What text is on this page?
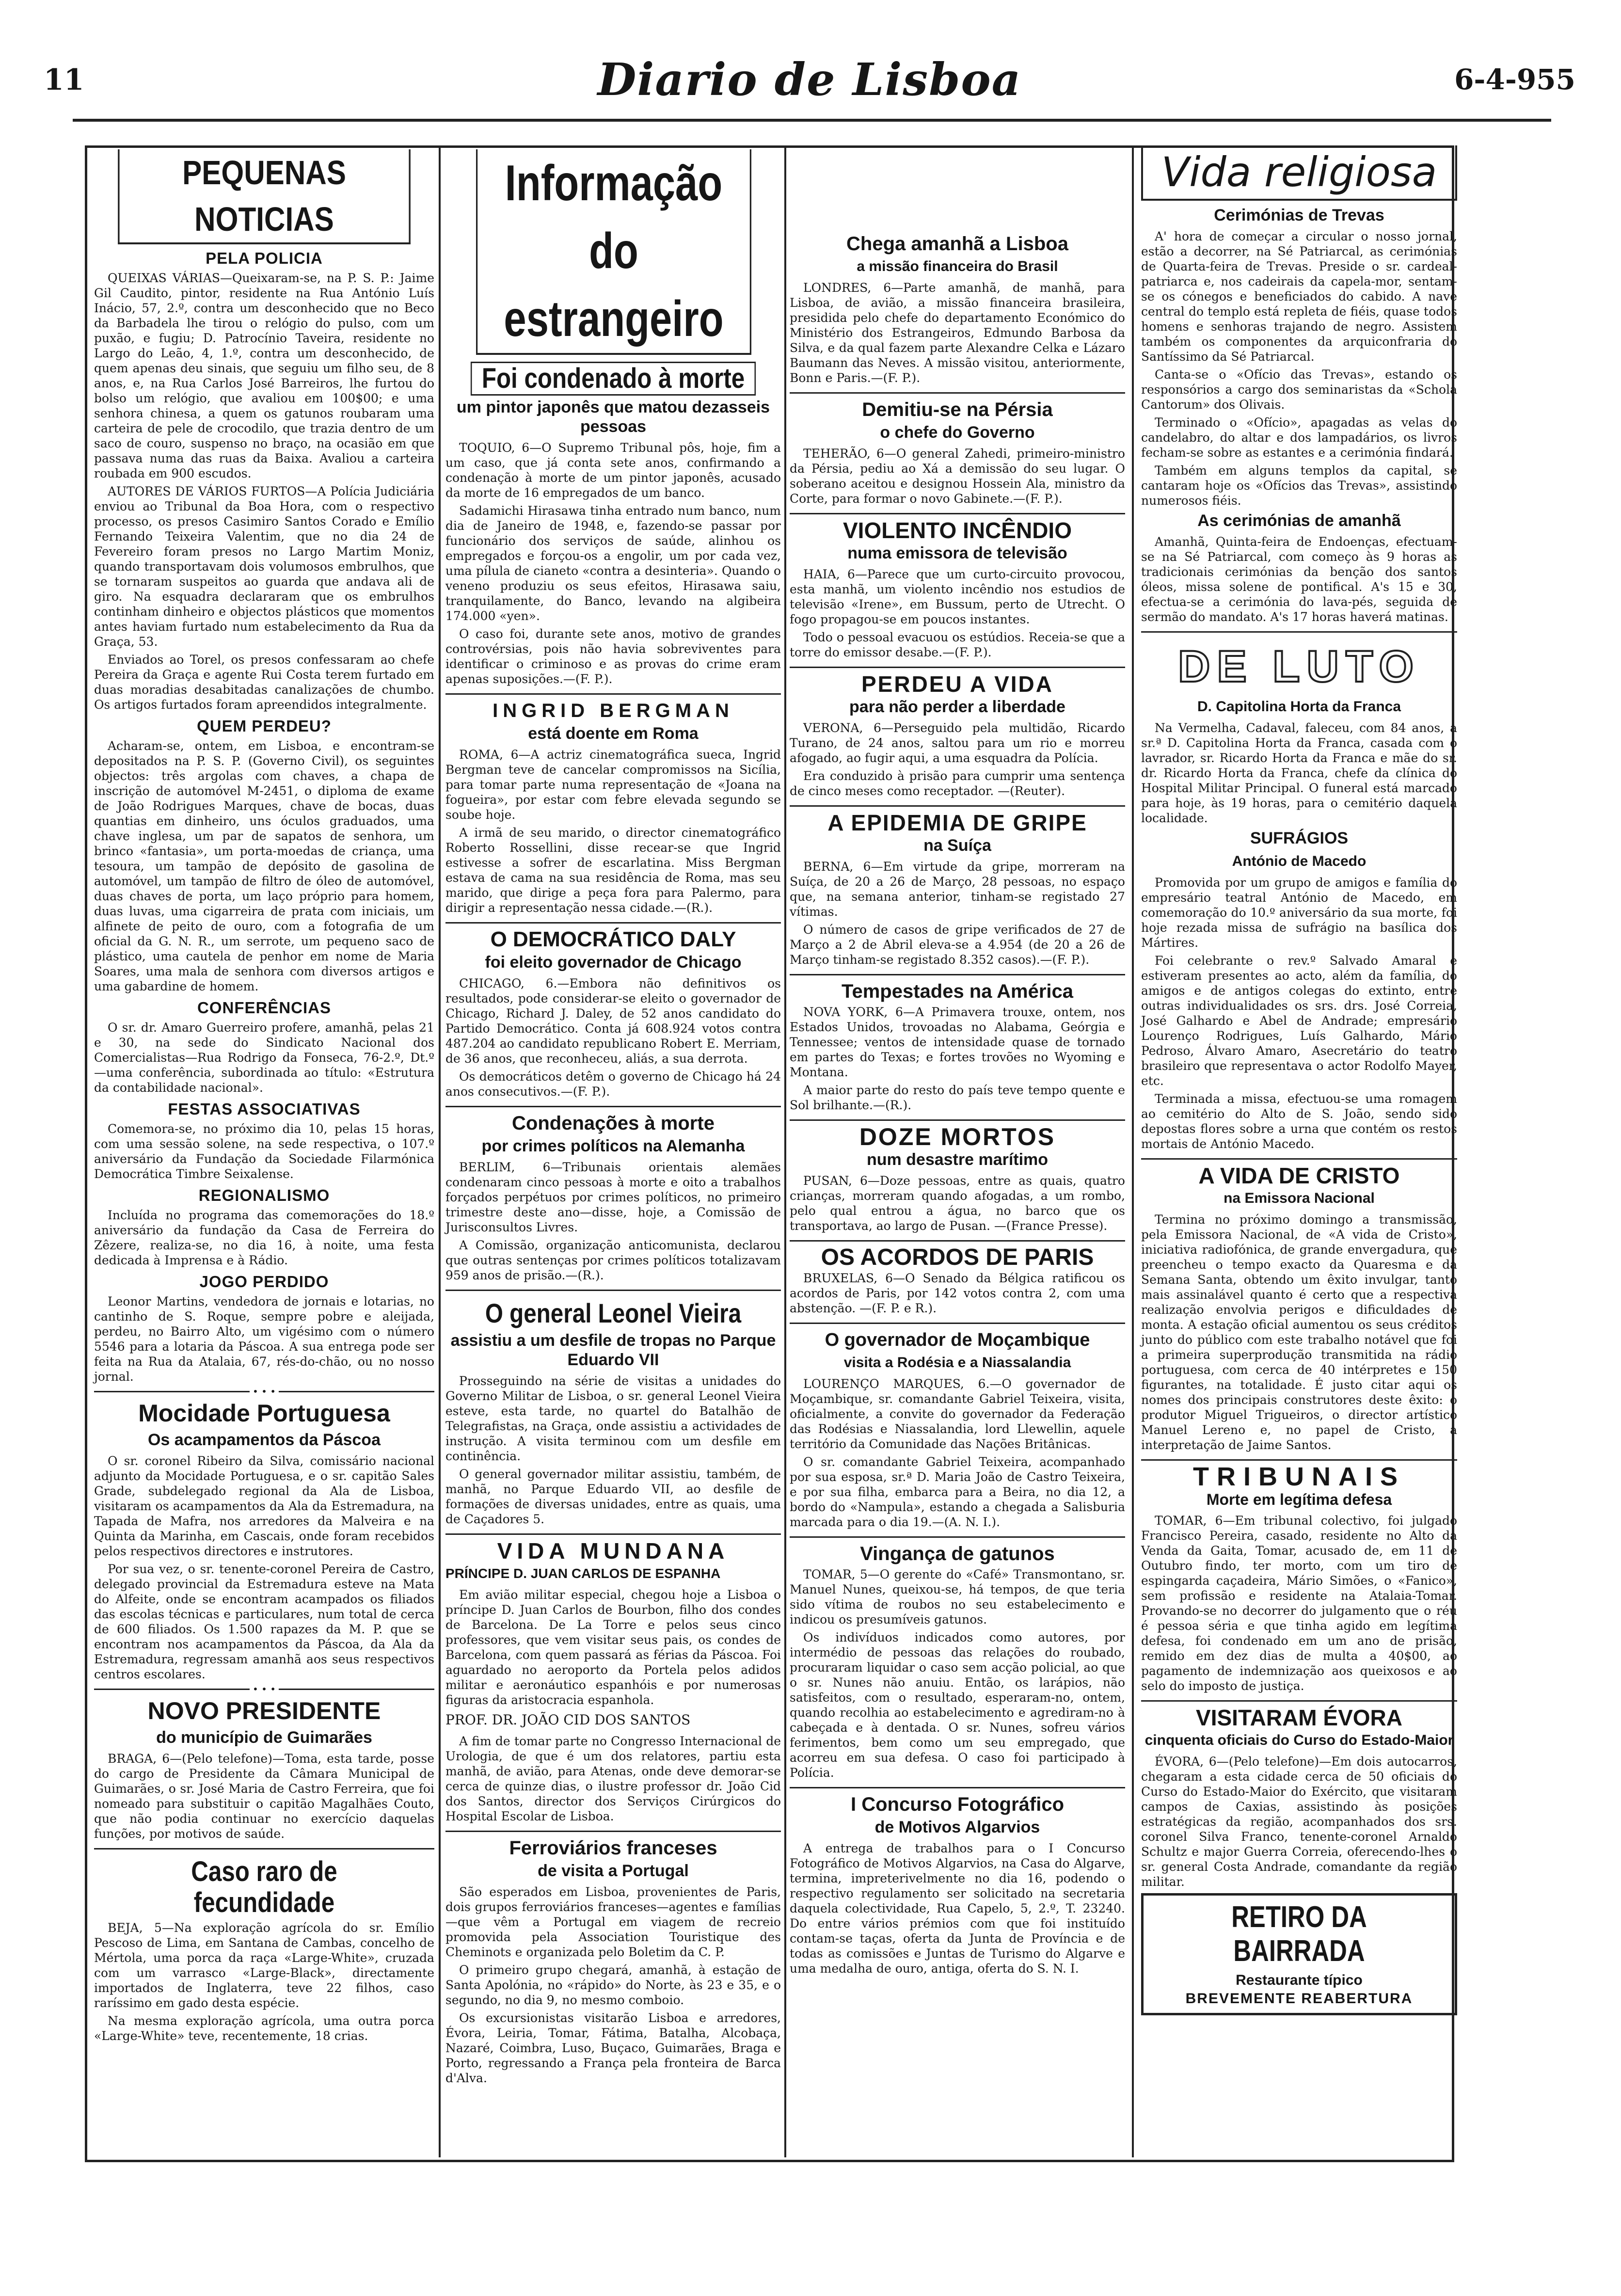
11	Diario de Lisboa	6-4-955
PEQUENAS NOTICIAS
PELA POLICIA

QUEIXAS VÁRIAS—Queixaram-se, na P. S. P.: Jaime Gil Caudito, pintor, residente na Rua António Luís Inácio, 57, 2.º, contra um desconhecido que no Beco da Barbadela lhe tirou o relógio do pulso, com um puxão, e fugiu; D. Patrocínio Taveira, residente no Largo do Leão, 4, 1.º, contra um desconhecido, de quem apenas deu sinais, que seguiu um filho seu, de 8 anos, e, na Rua Carlos José Barreiros, lhe furtou do bolso um relógio, que avaliou em 100$00; e uma senhora chinesa, a quem os gatunos roubaram uma carteira de pele de crocodilo, que trazia dentro de um saco de couro, suspenso no braço, na ocasião em que passava numa das ruas da Baixa. Avaliou a carteira roubada em 900 escudos.

AUTORES DE VÁRIOS FURTOS—A Polícia Judiciária enviou ao Tribunal da Boa Hora, com o respectivo processo, os presos Casimiro Santos Corado e Emílio Fernando Teixeira Valentim, que no dia 24 de Fevereiro foram presos no Largo Martim Moniz, quando transportavam dois volumosos embrulhos, que se tornaram suspeitos ao guarda que andava ali de giro. Na esquadra declararam que os embrulhos continham dinheiro e objectos plásticos que momentos antes haviam furtado num estabelecimento da Rua da Graça, 53.

Enviados ao Torel, os presos confessaram ao chefe Pereira da Graça e agente Rui Costa terem furtado em duas moradias desabitadas canalizações de chumbo. Os artigos furtados foram apreendidos integralmente.

QUEM PERDEU?

Acharam-se, ontem, em Lisboa, e encontram-se depositados na P. S. P. (Governo Civil), os seguintes objectos: três argolas com chaves, a chapa de inscrição de automóvel M-2451, o diploma de exame de João Rodrigues Marques, chave de bocas, duas quantias em dinheiro, uns óculos graduados, uma chave inglesa, um par de sapatos de senhora, um brinco «fantasia», um porta-moedas de criança, uma tesoura, um tampão de depósito de gasolina de automóvel, um tampão de filtro de óleo de automóvel, duas chaves de porta, um laço próprio para homem, duas luvas, uma cigarreira de prata com iniciais, um alfinete de peito de ouro, com a fotografia de um oficial da G. N. R., um serrote, um pequeno saco de plástico, uma cautela de penhor em nome de Maria Soares, uma mala de senhora com diversos artigos e uma gabardine de homem.

CONFERÊNCIAS

O sr. dr. Amaro Guerreiro profere, amanhã, pelas 21 e 30, na sede do Sindicato Nacional dos Comercialistas—Rua Rodrigo da Fonseca, 76-2.º, Dt.º—uma conferência, subordinada ao título: «Estrutura da contabilidade nacional».

FESTAS ASSOCIATIVAS

Comemora-se, no próximo dia 10, pelas 15 horas, com uma sessão solene, na sede respectiva, o 107.º aniversário da Fundação da Sociedade Filarmónica Democrática Timbre Seixalense.

REGIONALISMO

Incluída no programa das comemorações do 18.º aniversário da fundação da Casa de Ferreira do Zêzere, realiza-se, no dia 16, à noite, uma festa dedicada à Imprensa e à Rádio.

JOGO PERDIDO

Leonor Martins, vendedora de jornais e lotarias, no cantinho de S. Roque, sempre pobre e aleijada, perdeu, no Bairro Alto, um vigésimo com o número 5546 para a lotaria da Páscoa. A sua entrega pode ser feita na Rua da Atalaia, 67, rés-do-chão, ou no nosso jornal.

• • •
Mocidade Portuguesa
Os acampamentos da Páscoa

O sr. coronel Ribeiro da Silva, comissário nacional adjunto da Mocidade Portuguesa, e o sr. capitão Sales Grade, subdelegado regional da Ala de Lisboa, visitaram os acampamentos da Ala da Estremadura, na Tapada de Mafra, nos arredores da Malveira e na Quinta da Marinha, em Cascais, onde foram recebidos pelos respectivos directores e instrutores.

Por sua vez, o sr. tenente-coronel Pereira de Castro, delegado provincial da Estremadura esteve na Mata do Alfeite, onde se encontram acampados os filiados das escolas técnicas e particulares, num total de cerca de 600 filiados. Os 1.500 rapazes da M. P. que se encontram nos acampamentos da Páscoa, da Ala da Estremadura, regressam amanhã aos seus respectivos centros escolares.

• • •
NOVO PRESIDENTE
do município de Guimarães

BRAGA, 6—(Pelo telefone)—Toma, esta tarde, posse do cargo de Presidente da Câmara Municipal de Guimarães, o sr. José Maria de Castro Ferreira, que foi nomeado para substituir o capitão Magalhães Couto, que não podia continuar no exercício daquelas funções, por motivos de saúde.

Caso raro de fecundidade

BEJA, 5—Na exploração agrícola do sr. Emílio Pescoso de Lima, em Santana de Cambas, concelho de Mértola, uma porca da raça «Large-White», cruzada com um varrasco «Large-Black», directamente importados de Inglaterra, teve 22 filhos, caso raríssimo em gado desta espécie.

Na mesma exploração agrícola, uma outra porca «Large-White» teve, recentemente, 18 crias.

Informação do estrangeiro
Foi condenado à morte
um pintor japonês que matou dezasseis pessoas

TOQUIO, 6—O Supremo Tribunal pôs, hoje, fim a um caso, que já conta sete anos, confirmando a condenação à morte de um pintor japonês, acusado da morte de 16 empregados de um banco.

Sadamichi Hirasawa tinha entrado num banco, num dia de Janeiro de 1948, e, fazendo-se passar por funcionário dos serviços de saúde, alinhou os empregados e forçou-os a engolir, um por cada vez, uma pílula de cianeto «contra a desinteria». Quando o veneno produziu os seus efeitos, Hirasawa saiu, tranquilamente, do Banco, levando na algibeira 174.000 «yen».

O caso foi, durante sete anos, motivo de grandes controvérsias, pois não havia sobreviventes para identificar o criminoso e as provas do crime eram apenas suposições.—(F. P.).

INGRID BERGMAN
está doente em Roma

ROMA, 6—A actriz cinematográfica sueca, Ingrid Bergman teve de cancelar compromissos na Sicília, para tomar parte numa representação de «Joana na fogueira», por estar com febre elevada segundo se soube hoje.

A irmã de seu marido, o director cinematográfico Roberto Rossellini, disse recear-se que Ingrid estivesse a sofrer de escarlatina. Miss Bergman estava de cama na sua residência de Roma, mas seu marido, que dirige a peça fora para Palermo, para dirigir a representação nessa cidade.—(R.).

O DEMOCRÁTICO DALY
foi eleito governador de Chicago

CHICAGO, 6.—Embora não definitivos os resultados, pode considerar-se eleito o governador de Chicago, Richard J. Daley, de 52 anos candidato do Partido Democrático. Conta já 608.924 votos contra 487.204 ao candidato republicano Robert E. Merriam, de 36 anos, que reconheceu, aliás, a sua derrota.

Os democráticos detêm o governo de Chicago há 24 anos consecutivos.—(F. P.).

Condenações à morte
por crimes políticos na Alemanha

BERLIM, 6—Tribunais orientais alemães condenaram cinco pessoas à morte e oito a trabalhos forçados perpétuos por crimes políticos, no primeiro trimestre deste ano—disse, hoje, a Comissão de Jurisconsultos Livres.

A Comissão, organização anticomunista, declarou que outras sentenças por crimes políticos totalizavam 959 anos de prisão.—(R.).

O general Leonel Vieira
assistiu a um desfile de tropas no Parque Eduardo VII

Prosseguindo na série de visitas a unidades do Governo Militar de Lisboa, o sr. general Leonel Vieira esteve, esta tarde, no quartel do Batalhão de Telegrafistas, na Graça, onde assistiu a actividades de instrução. A visita terminou com um desfile em continência.

O general governador militar assistiu, também, de manhã, no Parque Eduardo VII, ao desfile de formações de diversas unidades, entre as quais, uma de Caçadores 5.

VIDA MUNDANA
PRÍNCIPE D. JUAN CARLOS DE ESPANHA

Em avião militar especial, chegou hoje a Lisboa o príncipe D. Juan Carlos de Bourbon, filho dos condes de Barcelona. De La Torre e pelos seus cinco professores, que vem visitar seus pais, os condes de Barcelona, com quem passará as férias da Páscoa. Foi aguardado no aeroporto da Portela pelos adidos militar e aeronáutico espanhóis e por numerosas figuras da aristocracia espanhola.

PROF. DR. JOÃO CID DOS SANTOS

A fim de tomar parte no Congresso Internacional de Urologia, de que é um dos relatores, partiu esta manhã, de avião, para Atenas, onde deve demorar-se cerca de quinze dias, o ilustre professor dr. João Cid dos Santos, director dos Serviços Cirúrgicos do Hospital Escolar de Lisboa.

Ferroviários franceses
de visita a Portugal

São esperados em Lisboa, provenientes de Paris, dois grupos ferroviários franceses—agentes e famílias—que vêm a Portugal em viagem de recreio promovida pela Association Touristique des Cheminots e organizada pelo Boletim da C. P.

O primeiro grupo chegará, amanhã, à estação de Santa Apolónia, no «rápido» do Norte, às 23 e 35, e o segundo, no dia 9, no mesmo comboio.

Os excursionistas visitarão Lisboa e arredores, Évora, Leiria, Tomar, Fátima, Batalha, Alcobaça, Nazaré, Coimbra, Luso, Buçaco, Guimarães, Braga e Porto, regressando a França pela fronteira de Barca d'Alva.

Chega amanhã a Lisboa
a missão financeira do Brasil

LONDRES, 6—Parte amanhã, de manhã, para Lisboa, de avião, a missão financeira brasileira, presidida pelo chefe do departamento Económico do Ministério dos Estrangeiros, Edmundo Barbosa da Silva, e da qual fazem parte Alexandre Celka e Lázaro Baumann das Neves. A missão visitou, anteriormente, Bonn e Paris.—(F. P.).

Demitiu-se na Pérsia
o chefe do Governo

TEHERÃO, 6—O general Zahedi, primeiro-ministro da Pérsia, pediu ao Xá a demissão do seu lugar. O soberano aceitou e designou Hossein Ala, ministro da Corte, para formar o novo Gabinete.—(F. P.).

VIOLENTO INCÊNDIO
numa emissora de televisão

HAIA, 6—Parece que um curto-circuito provocou, esta manhã, um violento incêndio nos estudios de televisão «Irene», em Bussum, perto de Utrecht. O fogo propagou-se em poucos instantes.

Todo o pessoal evacuou os estúdios. Receia-se que a torre do emissor desabe.—(F. P.).

PERDEU A VIDA
para não perder a liberdade

VERONA, 6—Perseguido pela multidão, Ricardo Turano, de 24 anos, saltou para um rio e morreu afogado, ao fugir aqui, a uma esquadra da Polícia.

Era conduzido à prisão para cumprir uma sentença de cinco meses como receptador. —(Reuter).

A EPIDEMIA DE GRIPE
na Suíça

BERNA, 6—Em virtude da gripe, morreram na Suíça, de 20 a 26 de Março, 28 pessoas, no espaço que, na semana anterior, tinham-se registado 27 vítimas.

O número de casos de gripe verificados de 27 de Março a 2 de Abril eleva-se a 4.954 (de 20 a 26 de Março tinham-se registado 8.352 casos).—(F. P.).

Tempestades na América

NOVA YORK, 6—A Primavera trouxe, ontem, nos Estados Unidos, trovoadas no Alabama, Geórgia e Tennessee; ventos de intensidade quase de tornado em partes do Texas; e fortes trovões no Wyoming e Montana.

A maior parte do resto do país teve tempo quente e Sol brilhante.—(R.).

DOZE MORTOS
num desastre marítimo

PUSAN, 6—Doze pessoas, entre as quais, quatro crianças, morreram quando afogadas, a um rombo, pelo qual entrou a água, no barco que os transportava, ao largo de Pusan. —(France Presse).

OS ACORDOS DE PARIS

BRUXELAS, 6—O Senado da Bélgica ratificou os acordos de Paris, por 142 votos contra 2, com uma abstenção. —(F. P. e R.).

O governador de Moçambique
visita a Rodésia e a Niassalandia

LOURENÇO MARQUES, 6.—O governador de Moçambique, sr. comandante Gabriel Teixeira, visita, oficialmente, a convite do governador da Federação das Rodésias e Niassalandia, lord Llewellin, aquele território da Comunidade das Nações Britânicas.

O sr. comandante Gabriel Teixeira, acompanhado por sua esposa, sr.ª D. Maria João de Castro Teixeira, e por sua filha, embarca para a Beira, no dia 12, a bordo do «Nampula», estando a chegada a Salisburia marcada para o dia 19.—(A. N. I.).

Vingança de gatunos

TOMAR, 5—O gerente do «Café» Transmontano, sr. Manuel Nunes, queixou-se, há tempos, de que teria sido vítima de roubos no seu estabelecimento e indicou os presumíveis gatunos.

Os indivíduos indicados como autores, por intermédio de pessoas das relações do roubado, procuraram liquidar o caso sem acção policial, ao que o sr. Nunes não anuiu. Então, os larápios, não satisfeitos, com o resultado, esperaram-no, ontem, quando recolhia ao estabelecimento e agrediram-no à cabeçada e à dentada. O sr. Nunes, sofreu vários ferimentos, bem como um seu empregado, que acorreu em sua defesa. O caso foi participado à Polícia.

I Concurso Fotográfico
de Motivos Algarvios

A entrega de trabalhos para o I Concurso Fotográfico de Motivos Algarvios, na Casa do Algarve, termina, impreterivelmente no dia 16, podendo o respectivo regulamento ser solicitado na secretaria daquela colectividade, Rua Capelo, 5, 2.º, T. 23240. Do entre vários prémios com que foi instituído contam-se taças, oferta da Junta de Província e de todas as comissões e Juntas de Turismo do Algarve e uma medalha de ouro, antiga, oferta do S. N. I.

Vida religiosa
Cerimónias de Trevas

A' hora de começar a circular o nosso jornal, estão a decorrer, na Sé Patriarcal, as cerimónias de Quarta-feira de Trevas. Preside o sr. cardeal-patriarca e, nos cadeirais da capela-mor, sentam-se os cónegos e beneficiados do cabido. A nave central do templo está repleta de fiéis, quase todos homens e senhoras trajando de negro. Assistem também os componentes da arquiconfraria do Santíssimo da Sé Patriarcal.

Canta-se o «Ofício das Trevas», estando os responsórios a cargo dos seminaristas da «Schola Cantorum» dos Olivais.

Terminado o «Ofício», apagadas as velas do candelabro, do altar e dos lampadários, os livros fecham-se sobre as estantes e a cerimónia findará.

Também em alguns templos da capital, se cantaram hoje os «Ofícios das Trevas», assistindo numerosos fiéis.

As cerimónias de amanhã

Amanhã, Quinta-feira de Endoenças, efectuam-se na Sé Patriarcal, com começo às 9 horas as tradicionais cerimónias da benção dos santos óleos, missa solene de pontifical. A's 15 e 30, efectua-se a cerimónia do lava-pés, seguida de sermão do mandato. A's 17 horas haverá matinas.

DE LUTO
D. Capitolina Horta da Franca

Na Vermelha, Cadaval, faleceu, com 84 anos, a sr.ª D. Capitolina Horta da Franca, casada com o lavrador, sr. Ricardo Horta da Franca e mãe do sr. dr. Ricardo Horta da Franca, chefe da clínica do Hospital Militar Principal. O funeral está marcado para hoje, às 19 horas, para o cemitério daquela localidade.

SUFRÁGIOS
António de Macedo

Promovida por um grupo de amigos e família do empresário teatral António de Macedo, em comemoração do 10.º aniversário da sua morte, foi hoje rezada missa de sufrágio na basílica dos Mártires.

Foi celebrante o rev.º Salvado Amaral e estiveram presentes ao acto, além da família, do amigos e de antigos colegas do extinto, entre outras individualidades os srs. drs. José Correia, José Galhardo e Abel de Andrade; empresário Lourenço Rodrigues, Luís Galhardo, Mário Pedroso, Álvaro Amaro, Asecretário do teatro brasileiro que representava o actor Rodolfo Mayer, etc.

Terminada a missa, efectuou-se uma romagem ao cemitério do Alto de S. João, sendo sido depostas flores sobre a urna que contém os restos mortais de António Macedo.

A VIDA DE CRISTO
na Emissora Nacional

Termina no próximo domingo a transmissão, pela Emissora Nacional, de «A vida de Cristo», iniciativa radiofónica, de grande envergadura, que preencheu o tempo exacto da Quaresma e da Semana Santa, obtendo um êxito invulgar, tanto mais assinalável quanto é certo que a respectiva realização envolvia perigos e dificuldades de monta. A estação oficial aumentou os seus créditos junto do público com este trabalho notável que foi a primeira superprodução transmitida na rádio portuguesa, com cerca de 40 intérpretes e 150 figurantes, na totalidade. É justo citar aqui os nomes dos principais construtores deste êxito: o produtor Miguel Trigueiros, o director artístico Manuel Lereno e, no papel de Cristo, a interpretação de Jaime Santos.

TRIBUNAIS
Morte em legítima defesa

TOMAR, 6—Em tribunal colectivo, foi julgado Francisco Pereira, casado, residente no Alto da Venda da Gaita, Tomar, acusado de, em 11 de Outubro findo, ter morto, com um tiro de espingarda caçadeira, Mário Simões, o «Fanico», sem profissão e residente na Atalaia-Tomar. Provando-se no decorrer do julgamento que o réu é pessoa séria e que tinha agido em legítima defesa, foi condenado em um ano de prisão, remido em dez dias de multa a 40$00, ao pagamento de indemnização aos queixosos e ao selo do imposto de justiça.

VISITARAM ÉVORA
cinquenta oficiais do Curso do Estado-Maior

ÉVORA, 6—(Pelo telefone)—Em dois autocarros, chegaram a esta cidade cerca de 50 oficiais do Curso do Estado-Maior do Exército, que visitaram campos de Caxias, assistindo às posições estratégicas da região, acompanhados dos srs. coronel Silva Franco, tenente-coronel Arnaldo Schultz e major Guerra Correia, oferecendo-lhes o sr. general Costa Andrade, comandante da região militar.

RETIRO DA BAIRRADA
Restaurante típico
BREVEMENTE REABERTURA
